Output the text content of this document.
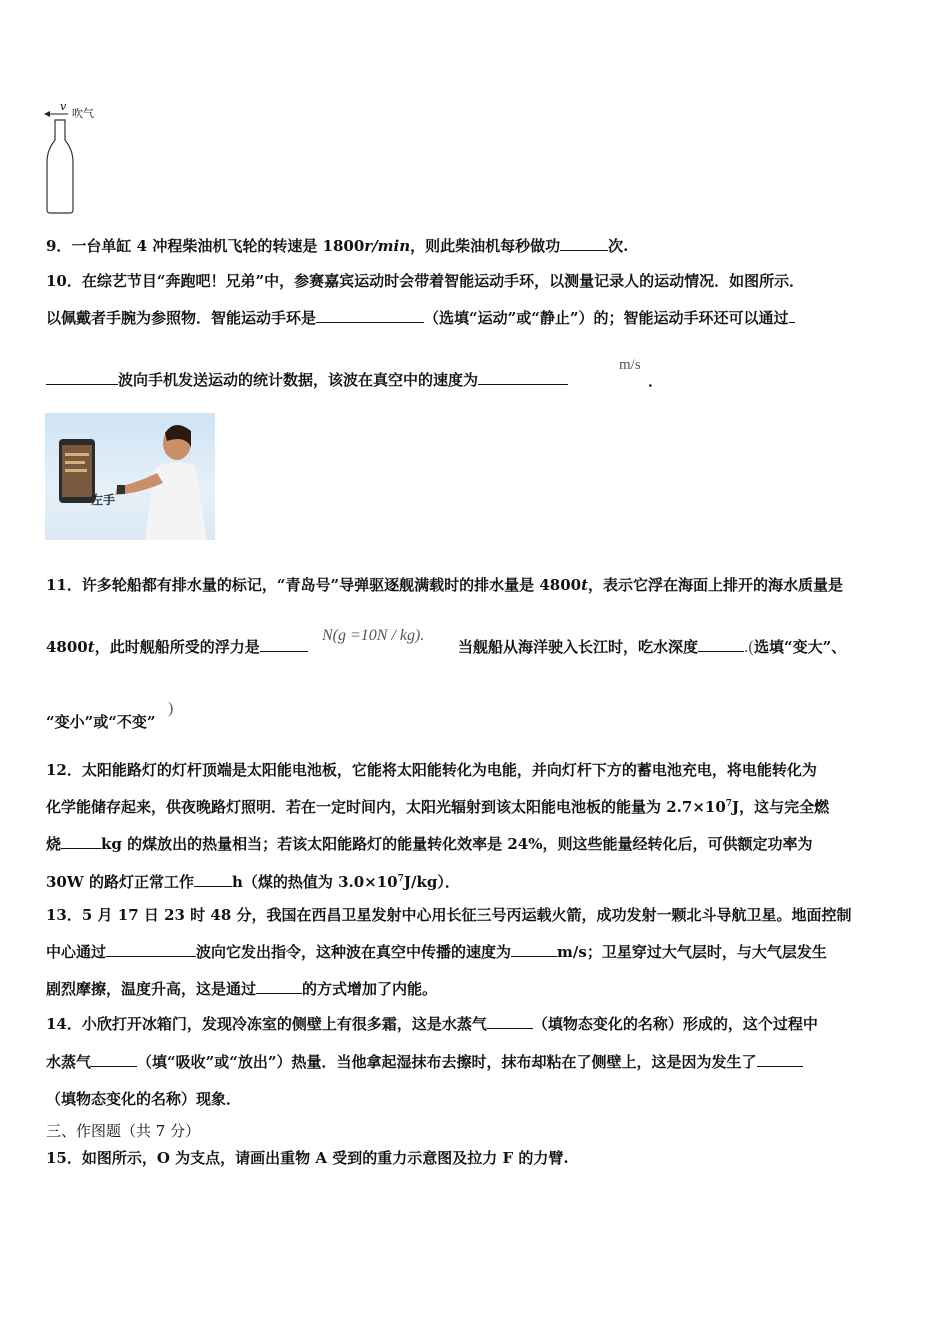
v
吹气
9．一台单缸 4 冲程柴油机飞轮的转速是 1800r/min，则此柴油机每秒做功	次.
10．在综艺节目“奔跑吧！兄弟”中，参赛嘉宾运动时会带着智能运动手环，以测量记录人的运动情况．如图所示．
以佩戴者手腕为参照物．智能运动手环是	（选填“运动”或“静止”）的；智能运动手环还可以通过
波向手机发送运动的统计数据，该波在真空中的速度为
m/s
．
左手
11．许多轮船都有排水量的标记，“青岛号”导弹驱逐舰满载时的排水量是 4800t，表示它浮在海面上排开的海水质量是
4800t，此时舰船所受的浮力是
N(g =10N / kg).
当舰船从海洋驶入长江时，吃水深度	.(选填“变大”、
“变小”或“不变”
)
12．太阳能路灯的灯杆顶端是太阳能电池板，它能将太阳能转化为电能，并向灯杆下方的蓄电池充电，将电能转化为
化学能储存起来，供夜晚路灯照明．若在一定时间内，太阳光辐射到该太阳能电池板的能量为 $2.7\times 10^7J$，这与完全燃
烧	kg 的煤放出的热量相当；若该太阳能路灯的能量转化效率是 24%，则这些能量经转化后，可供额定功率为
30W 的路灯正常工作	h（煤的热值为 $3.0\times 10^7J/kg$）．
13．5 月 17 日 23 时 48 分，我国在西昌卫星发射中心用长征三号丙运载火箭，成功发射一颗北斗导航卫星。地面控制
中心通过	波向它发出指令，这种波在真空中传播的速度为	m/s；卫星穿过大气层时，与大气层发生
剧烈摩擦，温度升高，这是通过	的方式增加了内能。
14．小欣打开冰箱门，发现冷冻室的侧壁上有很多霜，这是水蒸气	（填物态变化的名称）形成的，这个过程中
水蒸气	（填“吸收”或“放出”）热量．当他拿起湿抹布去擦时，抹布却粘在了侧壁上，这是因为发生了
（填物态变化的名称）现象．
三、作图题（共 7 分）
15．如图所示，O 为支点，请画出重物 A 受到的重力示意图及拉力 F 的力臂.
